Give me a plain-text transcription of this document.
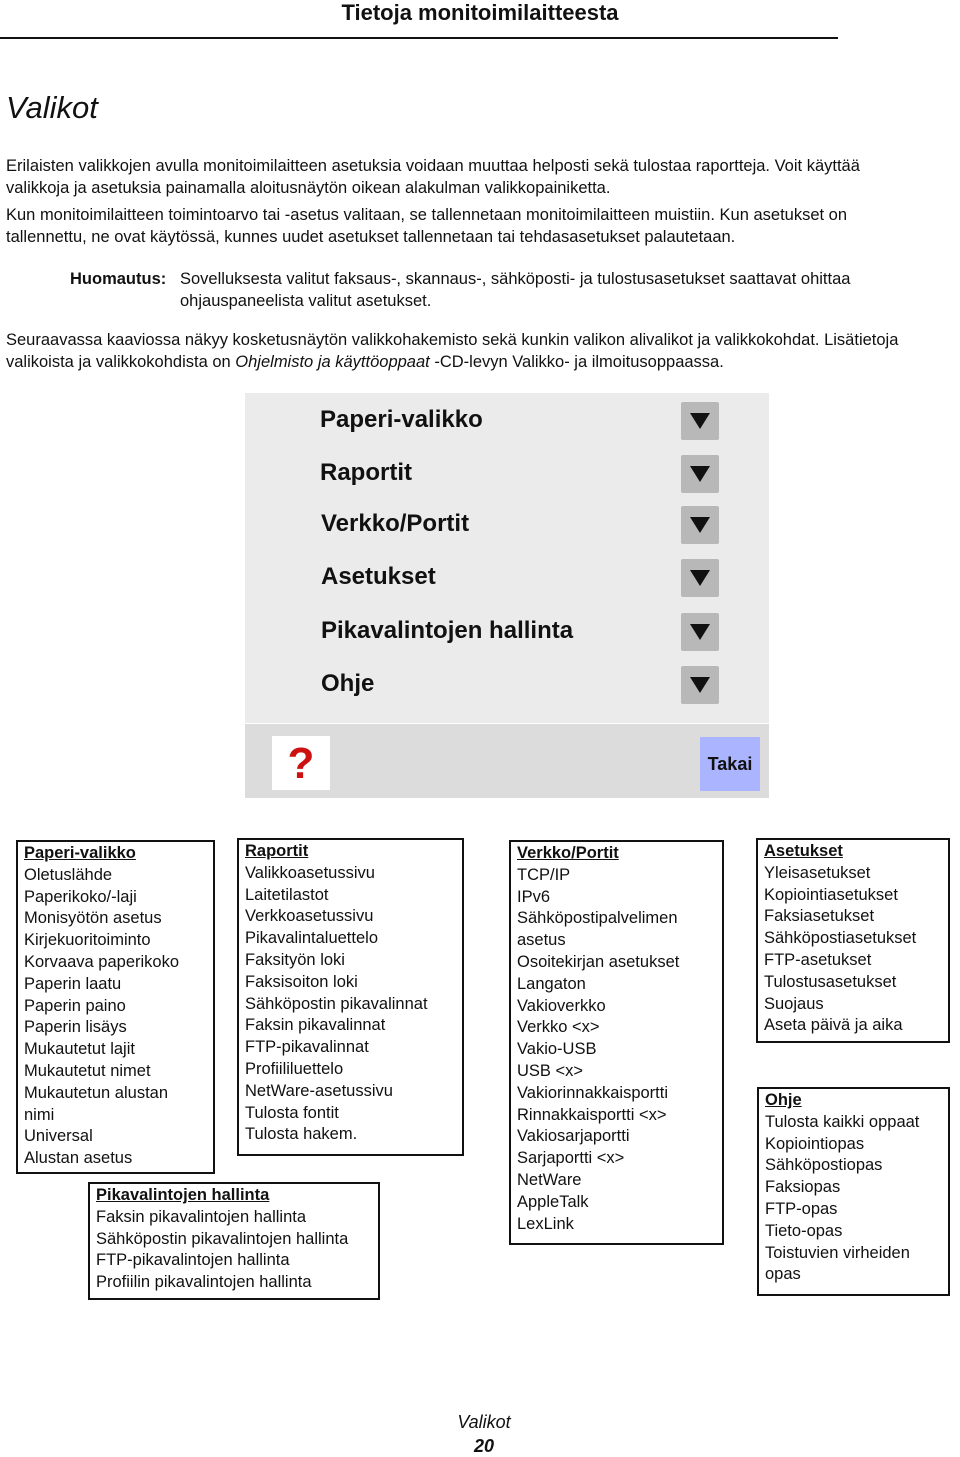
Tietoja monitoimilaitteesta
Valikot
Erilaisten valikkojen avulla monitoimilaitteen asetuksia voidaan muuttaa helposti sekä tulostaa raportteja. Voit käyttää
valikkoja ja asetuksia painamalla aloitusnäytön oikean alakulman valikkopainiketta.
Kun monitoimilaitteen toimintoarvo tai -asetus valitaan, se tallennetaan monitoimilaitteen muistiin. Kun asetukset on
tallennettu, ne ovat käytössä, kunnes uudet asetukset tallennetaan tai tehdasasetukset palautetaan.
Huomautus: Sovelluksesta valitut faksaus-, skannaus-, sähköposti- ja tulostusasetukset saattavat ohittaa
ohjauspaneelista valitut asetukset.
Seuraavassa kaaviossa näkyy kosketusnäytön valikkohakemisto sekä kunkin valikon alivalikot ja valikkokohdat. Lisätietoja
valikoista ja valikkokohdista on Ohjelmisto ja käyttöoppaat -CD-levyn Valikko- ja ilmoitusoppaassa.
Paperi-valikko
Raportit
Verkko/Portit
Asetukset
Pikavalintojen hallinta
Ohje
?	Takai
Paperi-valikko
Oletuslähde
Paperikoko/-laji
Monisyötön asetus
Kirjekuoritoiminto
Korvaava paperikoko
Paperin laatu
Paperin paino
Paperin lisäys
Mukautetut lajit
Mukautetut nimet
Mukautetun alustan
nimi
Universal
Alustan asetus
Raportit
Valikkoasetussivu
Laitetilastot
Verkkoasetussivu
Pikavalintaluettelo
Faksityön loki
Faksisoiton loki
Sähköpostin pikavalinnat
Faksin pikavalinnat
FTP-pikavalinnat
Profiililuettelo
NetWare-asetussivu
Tulosta fontit
Tulosta hakem.
Verkko/Portit
TCP/IP
IPv6
Sähköpostipalvelimen
asetus
Osoitekirjan asetukset
Langaton
Vakioverkko
Verkko <x>
Vakio-USB
USB <x>
Vakiorinnakkaisportti
Rinnakkaisportti <x>
Vakiosarjaportti
Sarjaportti <x>
NetWare
AppleTalk
LexLink
Asetukset
Yleisasetukset
Kopiointiasetukset
Faksiasetukset
Sähköpostiasetukset
FTP-asetukset
Tulostusasetukset
Suojaus
Aseta päivä ja aika
Ohje
Tulosta kaikki oppaat
Kopiointiopas
Sähköpostiopas
Faksiopas
FTP-opas
Tieto-opas
Toistuvien virheiden
opas
Pikavalintojen hallinta
Faksin pikavalintojen hallinta
Sähköpostin pikavalintojen hallinta
FTP-pikavalintojen hallinta
Profiilin pikavalintojen hallinta
Valikot
20
